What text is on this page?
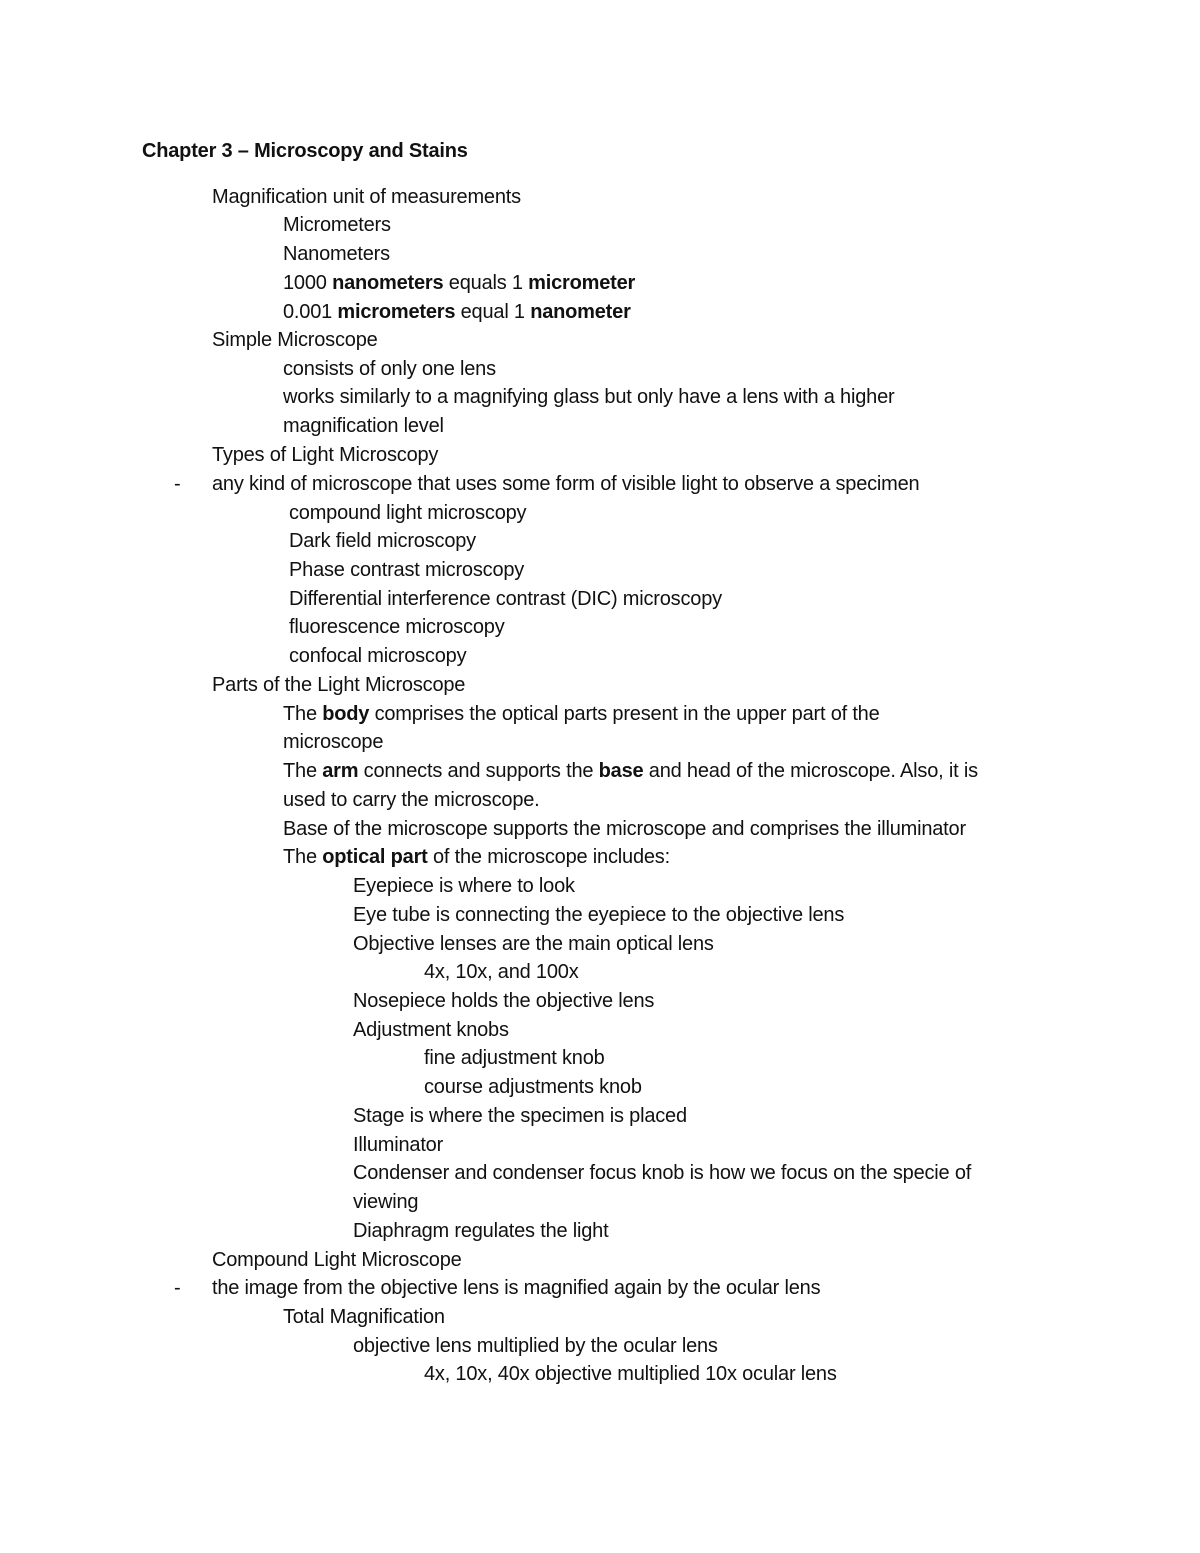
Chapter 3 – Microscopy and Stains
Magnification unit of measurements
Micrometers
Nanometers
1000 nanometers equals 1 micrometer
0.001 micrometers equal 1 nanometer
Simple Microscope
consists of only one lens
works similarly to a magnifying glass but only have a lens with a higher
magnification level
Types of Light Microscopy
- any kind of microscope that uses some form of visible light to observe a specimen
compound light microscopy
Dark field microscopy
Phase contrast microscopy
Differential interference contrast (DIC) microscopy
fluorescence microscopy
confocal microscopy
Parts of the Light Microscope
The body comprises the optical parts present in the upper part of the
microscope
The arm connects and supports the base and head of the microscope. Also, it is
used to carry the microscope.
Base of the microscope supports the microscope and comprises the illuminator
The optical part of the microscope includes:
Eyepiece is where to look
Eye tube is connecting the eyepiece to the objective lens
Objective lenses are the main optical lens
4x, 10x, and 100x
Nosepiece holds the objective lens
Adjustment knobs
fine adjustment knob
course adjustments knob
Stage is where the specimen is placed
Illuminator
Condenser and condenser focus knob is how we focus on the specie of
viewing
Diaphragm regulates the light
Compound Light Microscope
- the image from the objective lens is magnified again by the ocular lens
Total Magnification
objective lens multiplied by the ocular lens
4x, 10x, 40x objective multiplied 10x ocular lens
